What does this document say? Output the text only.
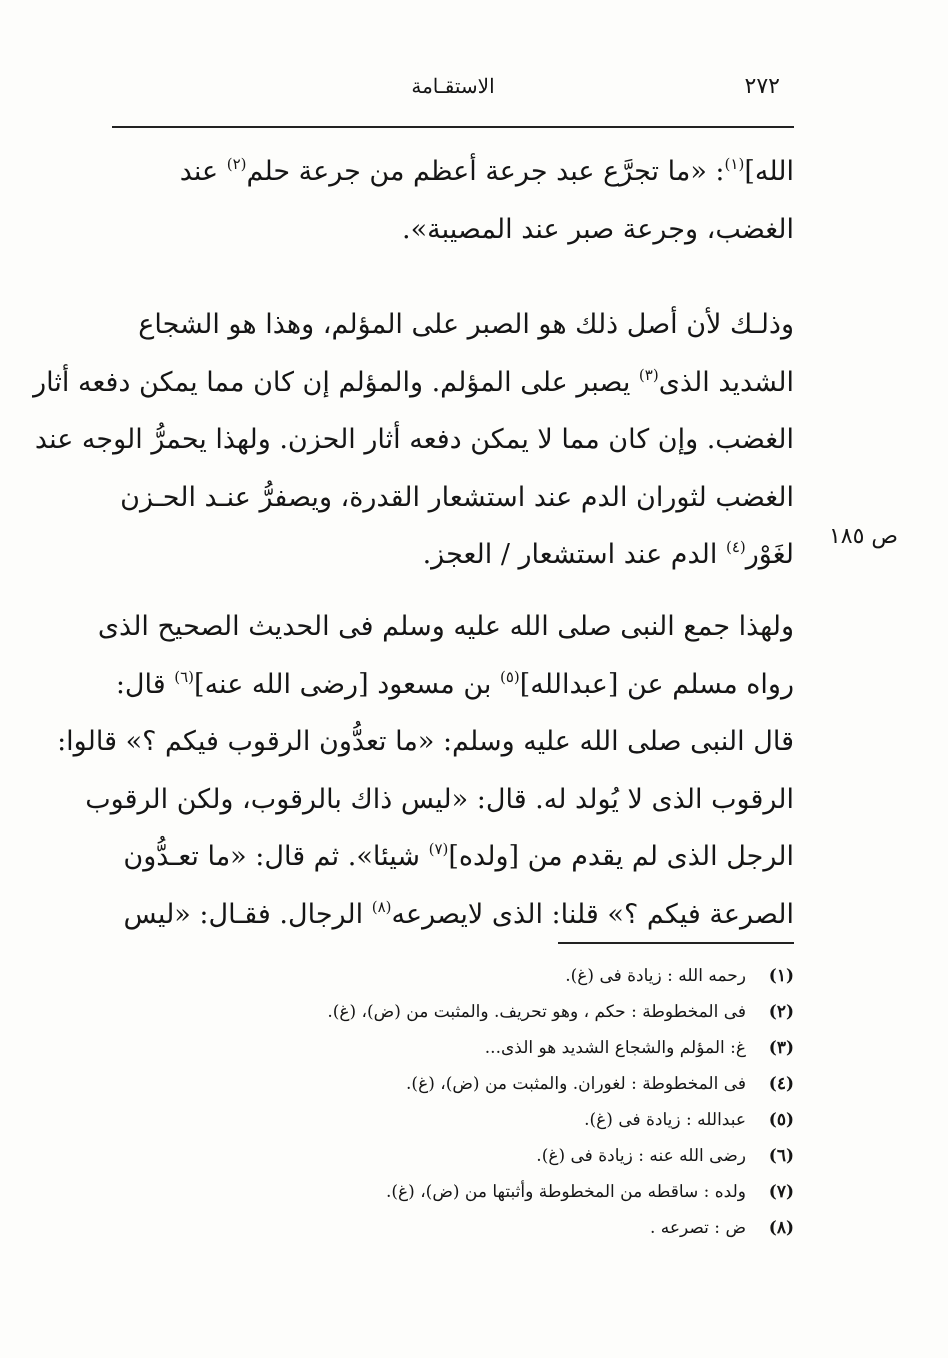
٢٧٢
الاستقـامة
الله]$^{(١)}$: «ما تجرَّع عبد جرعة أعظم من جرعة حلم$^{(٢)}$ عند
الغضب، وجرعة صبر عند المصيبة».
وذلـك لأن أصل ذلك هو الصبر على المؤلم، وهذا هو الشجاع
الشديد الذى$^{(٣)}$ يصبر على المؤلم. والمؤلم إن كان مما يمكن دفعه أثار
الغضب. وإن كان مما لا يمكن دفعه أثار الحزن. ولهذا يحمرُّ الوجه عند
الغضب لثوران الدم عند استشعار القدرة، ويصفرُّ عنـد الحـزن
لغَوْر$^{(٤)}$ الدم عند استشعار / العجز.
ص ١٨٥
ولهذا جمع النبى صلى الله عليه وسلم فى الحديث الصحيح الذى
رواه مسلم عن [عبدالله]$^{(٥)}$ بن مسعود [رضى الله عنه]$^{(٦)}$ قال:
قال النبى صلى الله عليه وسلم: «ما تعدُّون الرقوب فيكم ؟» قالوا:
الرقوب الذى لا يُولد له. قال: «ليس ذاك بالرقوب، ولكن الرقوب
الرجل الذى لم يقدم من [ولده]$^{(٧)}$ شيئا». ثم قال: «ما تعـدُّون
الصرعة فيكم ؟» قلنا: الذى لايصرعه$^{(٨)}$ الرجال. فقـال: «ليس
(١)
رحمه الله : زيادة فى (غ).
(٢)
فى المخطوطة : حكم ، وهو تحريف. والمثبت من (ض)، (غ).
(٣)
غ: المؤلم والشجاع الشديد هو الذى...
(٤)
فى المخطوطة : لغوران. والمثبت من (ض)، (غ).
(٥)
عبدالله : زيادة فى (غ).
(٦)
رضى الله عنه : زيادة فى (غ).
(٧)
ولده : ساقطه من المخطوطة وأثبتها من (ض)، (غ).
(٨)
ض : تصرعه .
